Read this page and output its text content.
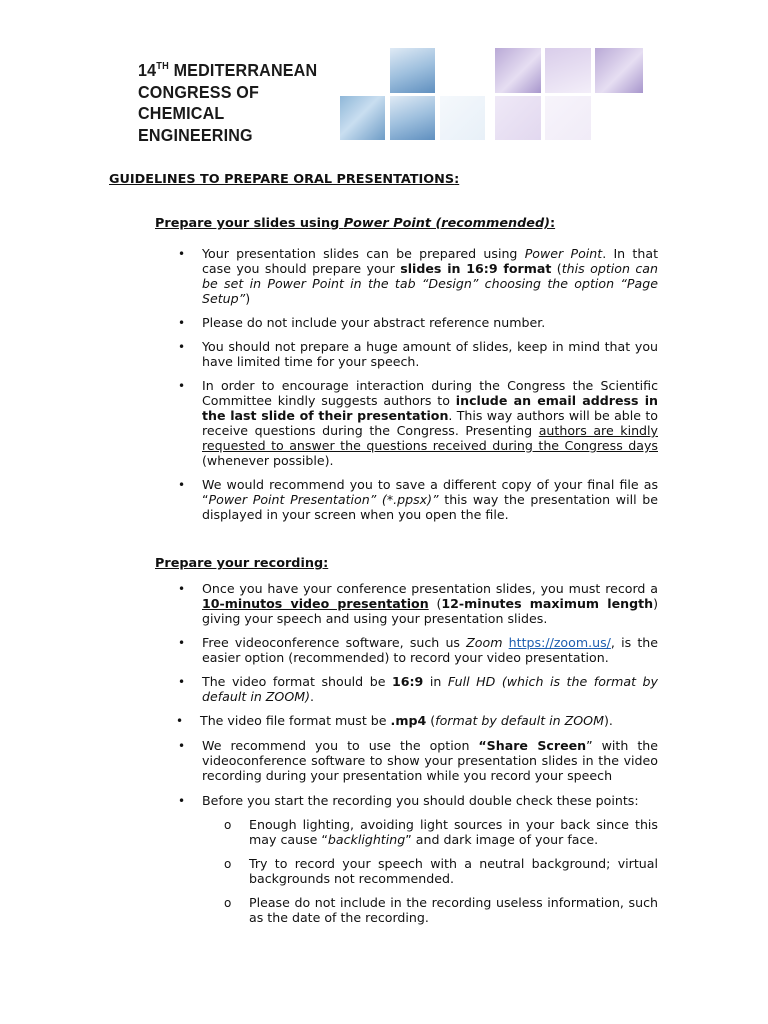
14TH MEDITERRANEAN
CONGRESS OF
CHEMICAL
ENGINEERING
GUIDELINES TO PREPARE ORAL PRESENTATIONS:
Prepare your slides using Power Point (recommended):
• Your presentation slides can be prepared using Power Point. In that case you should prepare your slides in 16:9 format (this option can be set in Power Point in the tab “Design” choosing the option “Page Setup”)
• Please do not include your abstract reference number.
• You should not prepare a huge amount of slides, keep in mind that you have limited time for your speech.
• In order to encourage interaction during the Congress the Scientific Committee kindly suggests authors to include an email address in the last slide of their presentation. This way authors will be able to receive questions during the Congress. Presenting authors are kindly requested to answer the questions received during the Congress days (whenever possible).
• We would recommend you to save a different copy of your final file as “Power Point Presentation” (*.ppsx)” this way the presentation will be displayed in your screen when you open the file.
Prepare your recording:
• Once you have your conference presentation slides, you must record a 10-minutos video presentation (12-minutes maximum length) giving your speech and using your presentation slides.
• Free videoconference software, such us Zoom https://zoom.us/, is the easier option (recommended) to record your video presentation.
• The video format should be 16:9 in Full HD (which is the format by default in ZOOM).
• The video file format must be .mp4 (format by default in ZOOM).
• We recommend you to use the option “Share Screen” with the videoconference software to show your presentation slides in the video recording during your presentation while you record your speech
• Before you start the recording you should double check these points:
o Enough lighting, avoiding light sources in your back since this may cause “backlighting” and dark image of your face.
o Try to record your speech with a neutral background; virtual backgrounds not recommended.
o Please do not include in the recording useless information, such as the date of the recording.
